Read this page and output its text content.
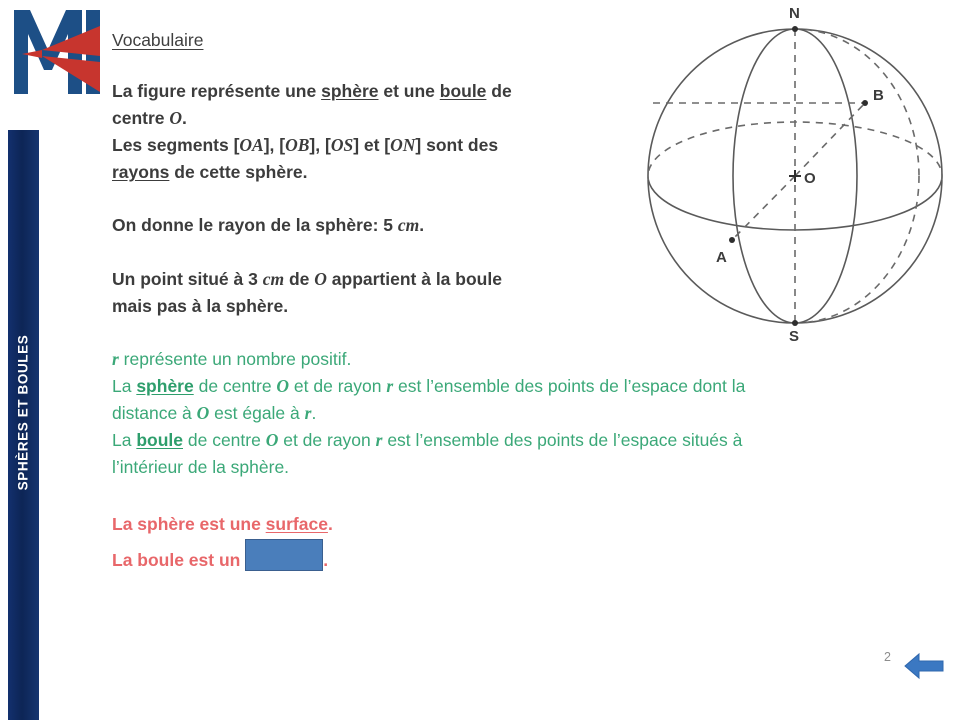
SPHÈRES ET BOULES
Vocabulaire
La figure représente une sphère et une boule de
centre O.
Les segments [OA], [OB], [OS] et [ON] sont des
rayons de cette sphère.
On donne le rayon de la sphère: 5 cm.
Un point situé à 3 cm de O appartient à la boule
mais pas à la sphère.
r représente un nombre positif.
La sphère de centre O et de rayon r est l’ensemble des points de l’espace dont la
distance à O est égale à r.
La boule de centre O et de rayon r est l’ensemble des points de l’espace situés à
l’intérieur de la sphère.
La sphère est une surface.
La boule est un	.
N
S
O
A
B
2
